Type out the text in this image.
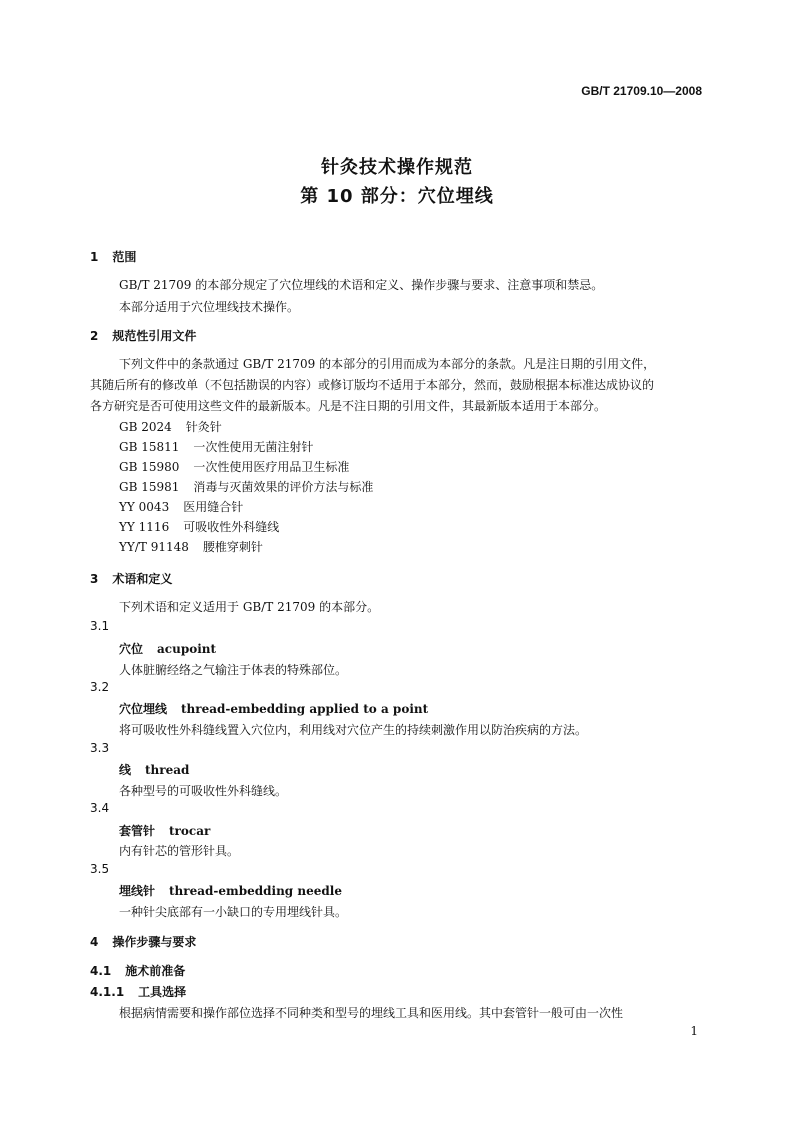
GB/T 21709.10—2008
针灸技术操作规范
第 10 部分：穴位埋线
1 范围
GB/T 21709 的本部分规定了穴位埋线的术语和定义、操作步骤与要求、注意事项和禁忌。
本部分适用于穴位埋线技术操作。
2 规范性引用文件
下列文件中的条款通过 GB/T 21709 的本部分的引用而成为本部分的条款。凡是注日期的引用文件，
其随后所有的修改单（不包括勘误的内容）或修订版均不适用于本部分，然而，鼓励根据本标准达成协议的
各方研究是否可使用这些文件的最新版本。凡是不注日期的引用文件，其最新版本适用于本部分。
GB 2024 针灸针
GB 15811 一次性使用无菌注射针
GB 15980 一次性使用医疗用品卫生标准
GB 15981 消毒与灭菌效果的评价方法与标准
YY 0043 医用缝合针
YY 1116 可吸收性外科缝线
YY/T 91148 腰椎穿刺针
3 术语和定义
下列术语和定义适用于 GB/T 21709 的本部分。
3.1
穴位 acupoint
人体脏腑经络之气输注于体表的特殊部位。
3.2
穴位埋线 thread-embedding applied to a point
将可吸收性外科缝线置入穴位内，利用线对穴位产生的持续刺激作用以防治疾病的方法。
3.3
线 thread
各种型号的可吸收性外科缝线。
3.4
套管针 trocar
内有针芯的管形针具。
3.5
埋线针 thread-embedding needle
一种针尖底部有一小缺口的专用埋线针具。
4 操作步骤与要求
4.1 施术前准备
4.1.1 工具选择
根据病情需要和操作部位选择不同种类和型号的埋线工具和医用线。其中套管针一般可由一次性
1
